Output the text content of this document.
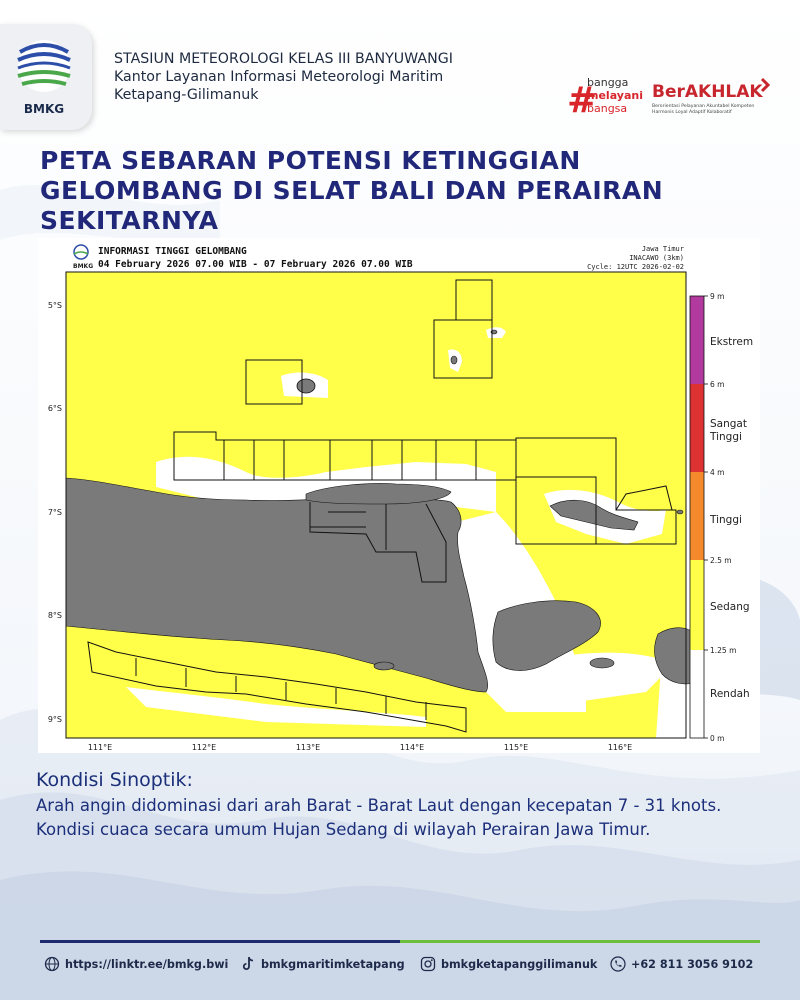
BMKG
STASIUN METEOROLOGI KELAS III BANYUWANGI
Kantor Layanan Informasi Meteorologi Maritim
Ketapang-Gilimanuk	#
bangga
melayani
bangsa
BerAKHLAK
Berorientasi Pelayanan Akuntabel Kompeten
Harmonis Loyal Adaptif Kolaboratif
PETA SEBARAN POTENSI KETINGGIAN
GELOMBANG DI SELAT BALI DAN PERAIRAN
SEKITARNYA
BMKG
INFORMASI TINGGI GELOMBANG
04 February 2026 07.00 WIB - 07 February 2026 07.00 WIB
Jawa Timur
INACAWO (3km)
Cycle: 12UTC 2026-02-02
5°S
6°S
7°S
8°S
9°S
111°E	112°E	113°E	114°E	115°E	116°E
9 m
6 m
4 m
2.5 m
1.25 m
0 m
Ekstrem
Sangat
Tinggi
Tinggi
Sedang
Rendah
Kondisi Sinoptik:
Arah angin didominasi dari arah Barat - Barat Laut dengan kecepatan 7 - 31 knots. Kondisi cuaca secara umum Hujan Sedang di wilayah Perairan Jawa Timur.
https://linktr.ee/bmkg.bwi	bmkgmaritimketapang	bmkgketapanggilimanuk	+62 811 3056 9102
